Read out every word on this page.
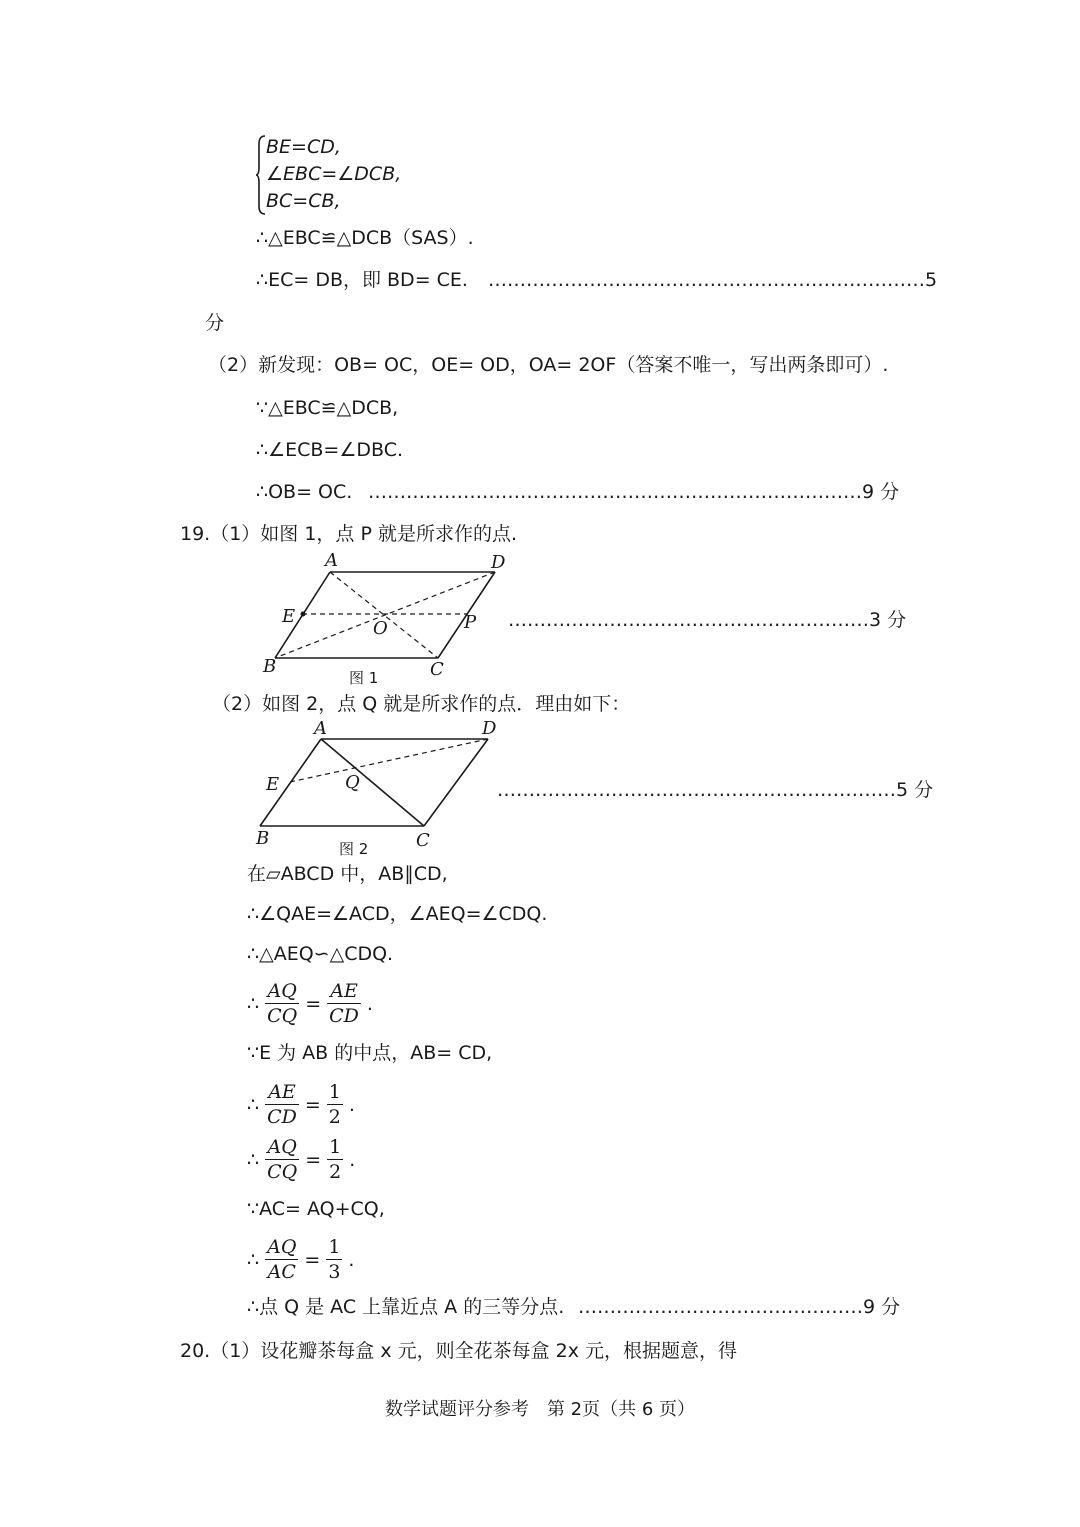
BE=CD,
∠EBC=∠DCB,
BC=CB,
∴△EBC≌△DCB（SAS）.
∴EC= DB，即 BD= CE. ……………………………………………………………5
分
（2）新发现：OB= OC，OE= OD，OA= 2OF（答案不唯一，写出两条即可）.
∵△EBC≌△DCB,
∴∠ECB=∠DBC.
∴OB= OC. ……………………………………………………………………9 分
19.（1）如图 1，点 P 就是所求作的点.
A	D
E
O	P
B	C
图 1
…………………………………………………3 分
（2）如图 2，点 Q 就是所求作的点．理由如下：
A	D
E	Q
B	C
图 2
………………………………………………………5 分
在▱ABCD 中，AB∥CD,
∴∠QAE=∠ACD，∠AEQ=∠CDQ.
∴△AEQ∽△CDQ.
∴ $\frac{AQ}{CQ} = \frac{AE}{CD}$ .
∵E 为 AB 的中点，AB= CD,
∴ $\frac{AE}{CD} = \frac{1}{2}$ .
∴ $\frac{AQ}{CQ} = \frac{1}{2}$ .
∵AC= AQ+CQ,
∴ $\frac{AQ}{AC} = \frac{1}{3}$ .
∴点 Q 是 AC 上靠近点 A 的三等分点. ………………………………………9 分
20.（1）设花瓣茶每盒 x 元，则全花茶每盒 2x 元，根据题意，得
数学试题评分参考　第 2页（共 6 页）
